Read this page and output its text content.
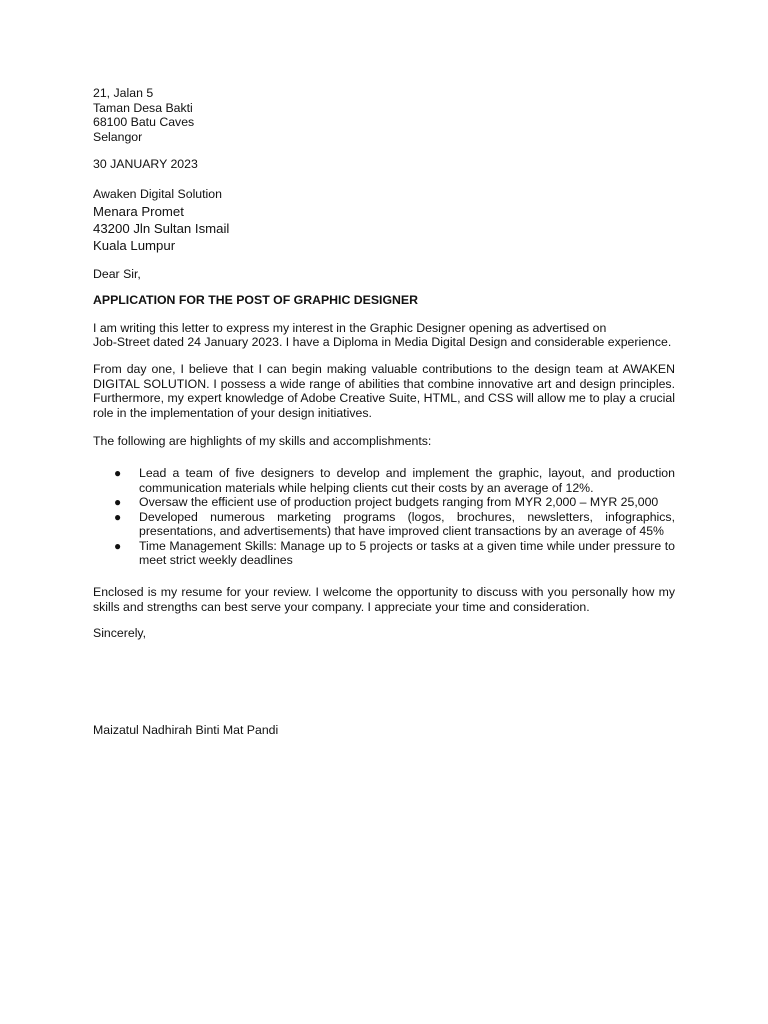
21, Jalan 5
Taman Desa Bakti
68100 Batu Caves
Selangor
30 JANUARY 2023
Awaken Digital Solution
Menara Promet
43200 Jln Sultan Ismail
Kuala Lumpur
Dear Sir,
APPLICATION FOR THE POST OF GRAPHIC DESIGNER
I am writing this letter to express my interest in the Graphic Designer opening as advertised on
Job-Street dated 24 January 2023. I have a Diploma in Media Digital Design and considerable experience.
From day one, I believe that I can begin making valuable contributions to the design team at AWAKEN DIGITAL SOLUTION. I possess a wide range of abilities that combine innovative art and design principles. Furthermore, my expert knowledge of Adobe Creative Suite, HTML, and CSS will allow me to play a crucial role in the implementation of your design initiatives.
The following are highlights of my skills and accomplishments:
● Lead a team of five designers to develop and implement the graphic, layout, and production communication materials while helping clients cut their costs by an average of 12%.
● Oversaw the efficient use of production project budgets ranging from MYR 2,000 – MYR 25,000
● Developed numerous marketing programs (logos, brochures, newsletters, infographics, presentations, and advertisements) that have improved client transactions by an average of 45%
● Time Management Skills: Manage up to 5 projects or tasks at a given time while under pressure to meet strict weekly deadlines
Enclosed is my resume for your review. I welcome the opportunity to discuss with you personally how my skills and strengths can best serve your company. I appreciate your time and consideration.
Sincerely,
Maizatul Nadhirah Binti Mat Pandi
